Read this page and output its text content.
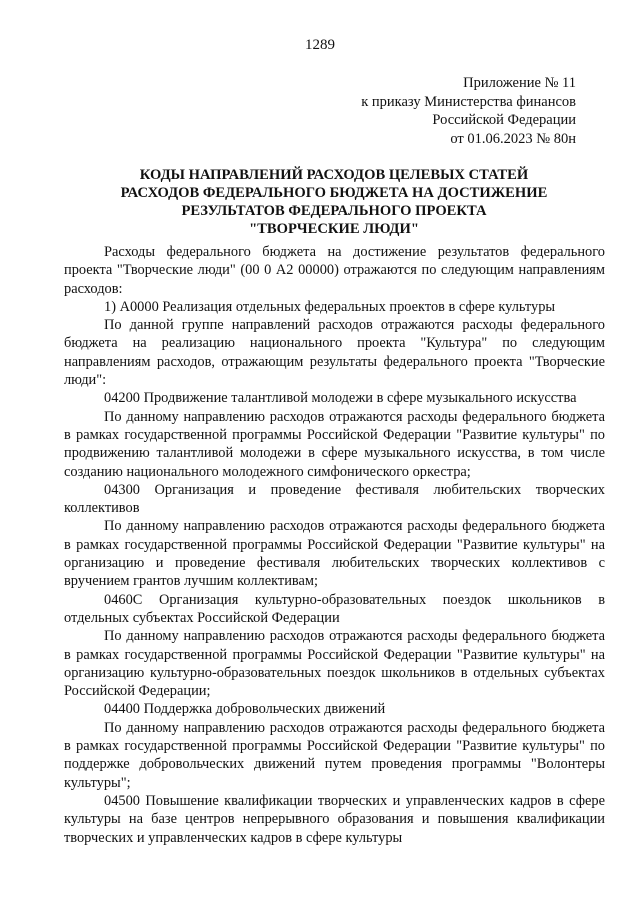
1289
Приложение № 11
к приказу Министерства финансов
Российской Федерации
от 01.06.2023 № 80н
КОДЫ НАПРАВЛЕНИЙ РАСХОДОВ ЦЕЛЕВЫХ СТАТЕЙ
РАСХОДОВ ФЕДЕРАЛЬНОГО БЮДЖЕТА НА ДОСТИЖЕНИЕ
РЕЗУЛЬТАТОВ ФЕДЕРАЛЬНОГО ПРОЕКТА
"ТВОРЧЕСКИЕ ЛЮДИ"

Расходы федерального бюджета на достижение результатов федерального проекта "Творческие люди" (00 0 А2 00000) отражаются по следующим направлениям расходов:

1) А0000 Реализация отдельных федеральных проектов в сфере культуры

По данной группе направлений расходов отражаются расходы федерального бюджета на реализацию национального проекта "Культура" по следующим направлениям расходов, отражающим результаты федерального проекта "Творческие люди":

04200 Продвижение талантливой молодежи в сфере музыкального искусства

По данному направлению расходов отражаются расходы федерального бюджета в рамках государственной программы Российской Федерации "Развитие культуры" по продвижению талантливой молодежи в сфере музыкального искусства, в том числе созданию национального молодежного симфонического оркестра;

04300 Организация и проведение фестиваля любительских творческих коллективов

По данному направлению расходов отражаются расходы федерального бюджета в рамках государственной программы Российской Федерации "Развитие культуры" на организацию и проведение фестиваля любительских творческих коллективов с вручением грантов лучшим коллективам;

0460С Организация культурно-образовательных поездок школьников в отдельных субъектах Российской Федерации

По данному направлению расходов отражаются расходы федерального бюджета в рамках государственной программы Российской Федерации "Развитие культуры" на организацию культурно-образовательных поездок школьников в отдельных субъектах Российской Федерации;

04400 Поддержка добровольческих движений

По данному направлению расходов отражаются расходы федерального бюджета в рамках государственной программы Российской Федерации "Развитие культуры" по поддержке добровольческих движений путем проведения программы "Волонтеры культуры";

04500 Повышение квалификации творческих и управленческих кадров в сфере культуры на базе центров непрерывного образования и повышения квалификации творческих и управленческих кадров в сфере культуры
